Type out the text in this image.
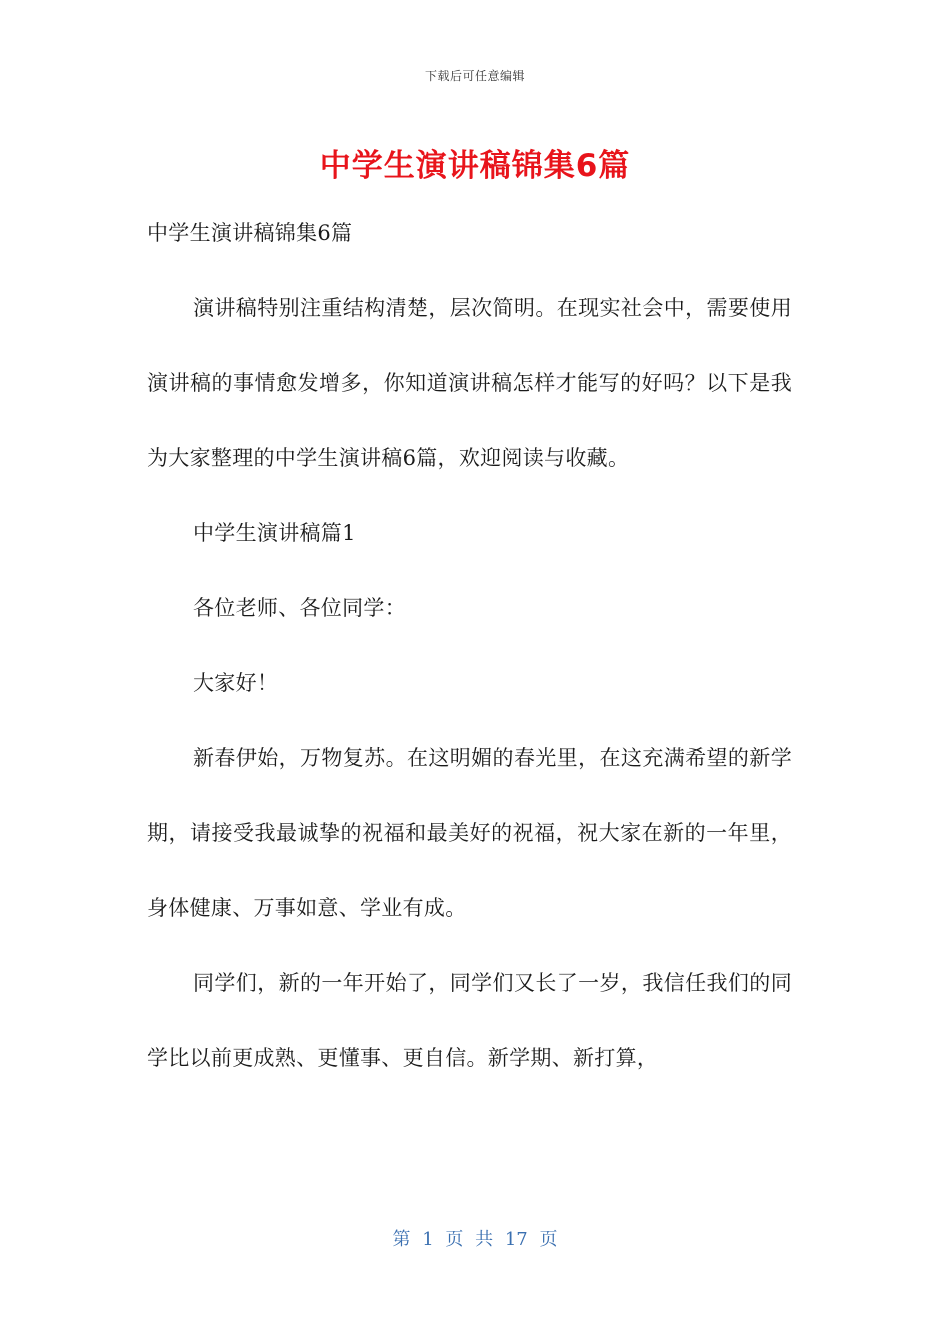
下载后可任意编辑
中学生演讲稿锦集6篇

中学生演讲稿锦集6篇

演讲稿特别注重结构清楚，层次简明。在现实社会中，需要使用演讲稿的事情愈发增多，你知道演讲稿怎样才能写的好吗？以下是我为大家整理的中学生演讲稿6篇，欢迎阅读与收藏。

中学生演讲稿篇1

各位老师、各位同学：

大家好！

新春伊始，万物复苏。在这明媚的春光里，在这充满希望的新学期，请接受我最诚挚的祝福和最美好的祝福，祝大家在新的一年里，身体健康、万事如意、学业有成。

同学们，新的一年开始了，同学们又长了一岁，我信任我们的同学比以前更成熟、更懂事、更自信。新学期、新打算，

第 1 页 共 17 页
